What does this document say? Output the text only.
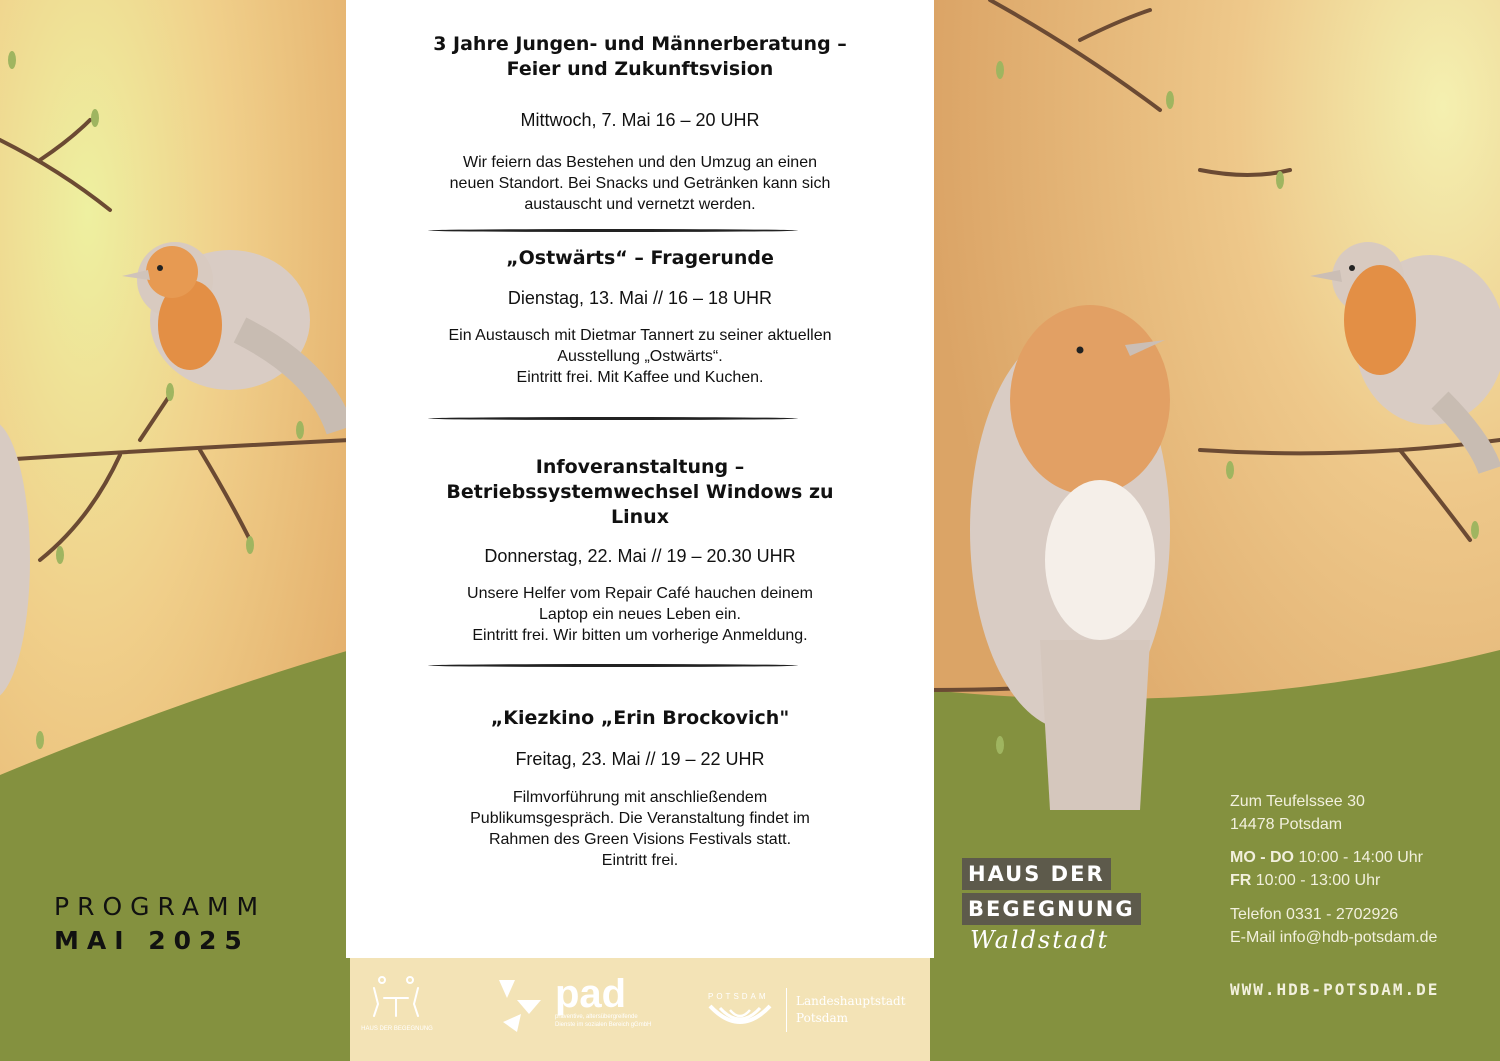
3 Jahre Jungen- und Männerberatung –
Feier und Zukunftsvision
Mittwoch, 7. Mai 16 – 20 UHR
Wir feiern das Bestehen und den Umzug an einen
neuen Standort. Bei Snacks und Getränken kann sich
austauscht und vernetzt werden.
„Ostwärts“ – Fragerunde
Dienstag, 13. Mai // 16 – 18 UHR
Ein Austausch mit Dietmar Tannert zu seiner aktuellen
Ausstellung „Ostwärts“.
Eintritt frei. Mit Kaffee und Kuchen.
Infoveranstaltung –
Betriebssystemwechsel Windows zu
Linux
Donnerstag, 22. Mai // 19 – 20.30 UHR
Unsere Helfer vom Repair Café hauchen deinem
Laptop ein neues Leben ein.
Eintritt frei. Wir bitten um vorherige Anmeldung.
„Kiezkino „Erin Brockovich"
Freitag, 23. Mai // 19 – 22 UHR
Filmvorführung mit anschließendem
Publikumsgespräch. Die Veranstaltung findet im
Rahmen des Green Visions Festivals statt.
Eintritt frei.
PROGRAMM
MAI 2025
HAUS DER
BEGEGNUNG
Waldstadt
Zum Teufelssee 30
14478 Potsdam
MO - DO 10:00 - 14:00 Uhr
FR 10:00 - 13:00 Uhr
Telefon 0331 - 2702926
E-Mail info@hdb-potsdam.de
WWW.HDB-POTSDAM.DE
HAUS DER BEGEGNUNG
pad
präventive, altersübergreifende
Dienste im sozialen Bereich gGmbH
POTSDAM Landeshauptstadt
Potsdam
